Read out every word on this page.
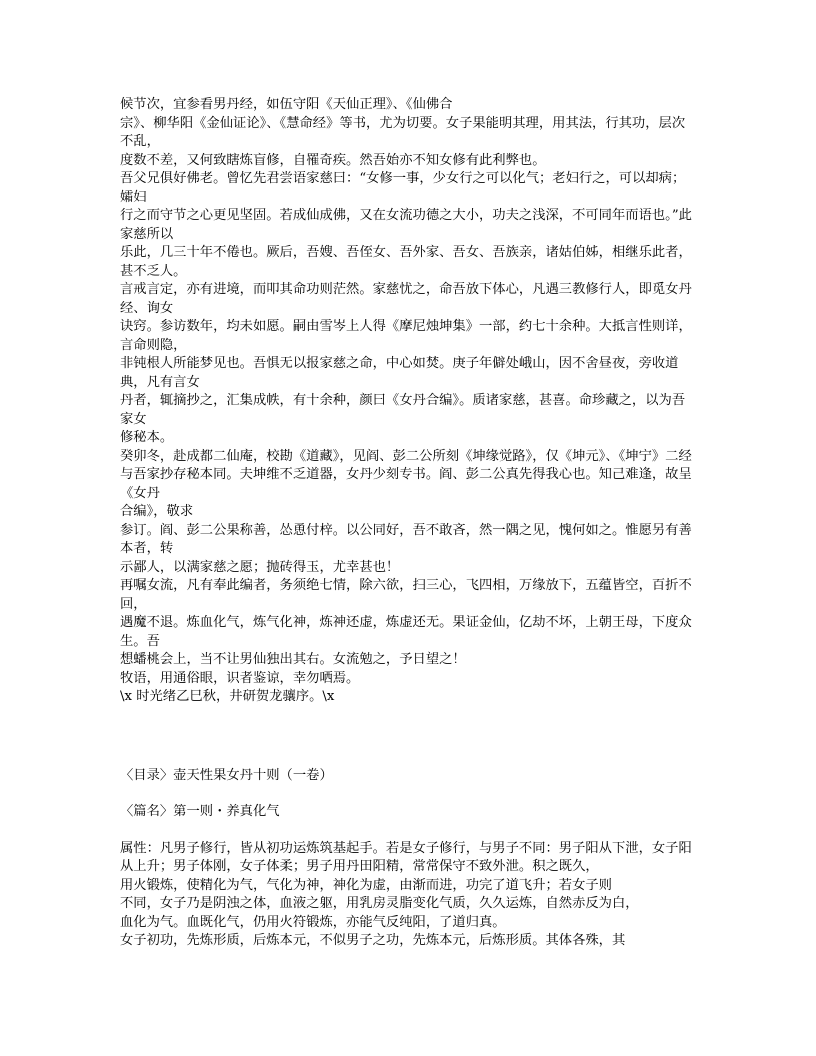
候节次，宜参看男丹经，如伍守阳《天仙正理》、《仙佛合

宗》、柳华阳《金仙证论》、《慧命经》等书，尤为切要。女子果能明其理，用其法，行其功，层次不乱，

度数不差，又何致瞎炼盲修，自罹奇疾。然吾始亦不知女修有此利弊也。

吾父兄俱好佛老。曾忆先君尝语家慈曰：“女修一事，少女行之可以化气；老妇行之，可以却病；孀妇

行之而守节之心更见坚固。若成仙成佛，又在女流功德之大小，功夫之浅深，不可同年而语也。”此家慈所以

乐此，几三十年不倦也。厥后，吾嫂、吾侄女、吾外家、吾女、吾族亲，诸姑伯姊，相继乐此者，甚不乏人。

言戒言定，亦有进境，而叩其命功则茫然。家慈忧之，命吾放下体心，凡遇三教修行人，即觅女丹经、询女

诀窍。参访数年，均未如愿。嗣由雪岑上人得《摩尼烛坤集》一部，约七十余种。大抵言性则详，言命则隐，

非钝根人所能梦见也。吾惧无以报家慈之命，中心如焚。庚子年僻处峨山，因不舍昼夜，旁收道典，凡有言女

丹者，辄摘抄之，汇集成帙，有十余种，颜曰《女丹合编》。质诸家慈，甚喜。命珍藏之，以为吾家女

修秘本。

癸卯冬，赴成都二仙庵，校勘《道藏》，见阎、彭二公所刻《坤缘觉路》，仅《坤元》、《坤宁》二经

与吾家抄存秘本同。夫坤维不乏道器，女丹少刻专书。阎、彭二公真先得我心也。知己难逢，故呈《女丹

合编》，敬求

参订。阎、彭二公果称善，怂恿付梓。以公同好，吾不敢吝，然一隅之见，愧何如之。惟愿另有善本者，转

示鄙人，以满家慈之愿；抛砖得玉，尤幸甚也！

再嘱女流，凡有奉此编者，务须绝七情，除六欲，扫三心，飞四相，万缘放下，五蕴皆空，百折不回，

遇魔不退。炼血化气，炼气化神，炼神还虚，炼虚还无。果证金仙，亿劫不坏，上朝王母，下度众生。吾

想蟠桃会上，当不让男仙独出其右。女流勉之，予日望之！

牧语，用通俗眼，识者鉴谅，幸勿哂焉。

\x 时光绪乙巳秋，井研贺龙骧序。\x

〈目录〉壶天性果女丹十则（一卷）

〈篇名〉第一则・养真化气

属性：凡男子修行，皆从初功运炼筑基起手。若是女子修行，与男子不同：男子阳从下泄，女子阳从上升；男子体刚，女子体柔；男子用丹田阳精，常常保守不致外泄。积之既久，

用火锻炼，使精化为气，气化为神，神化为虚，由渐而进，功完了道飞升；若女子则

不同，女子乃是阴浊之体，血液之躯，用乳房灵脂变化气质，久久运炼，自然赤反为白，

血化为气。血既化气，仍用火符锻炼，亦能气反纯阳，了道归真。

女子初功，先炼形质，后炼本元，不似男子之功，先炼本元，后炼形质。其体各殊，其
